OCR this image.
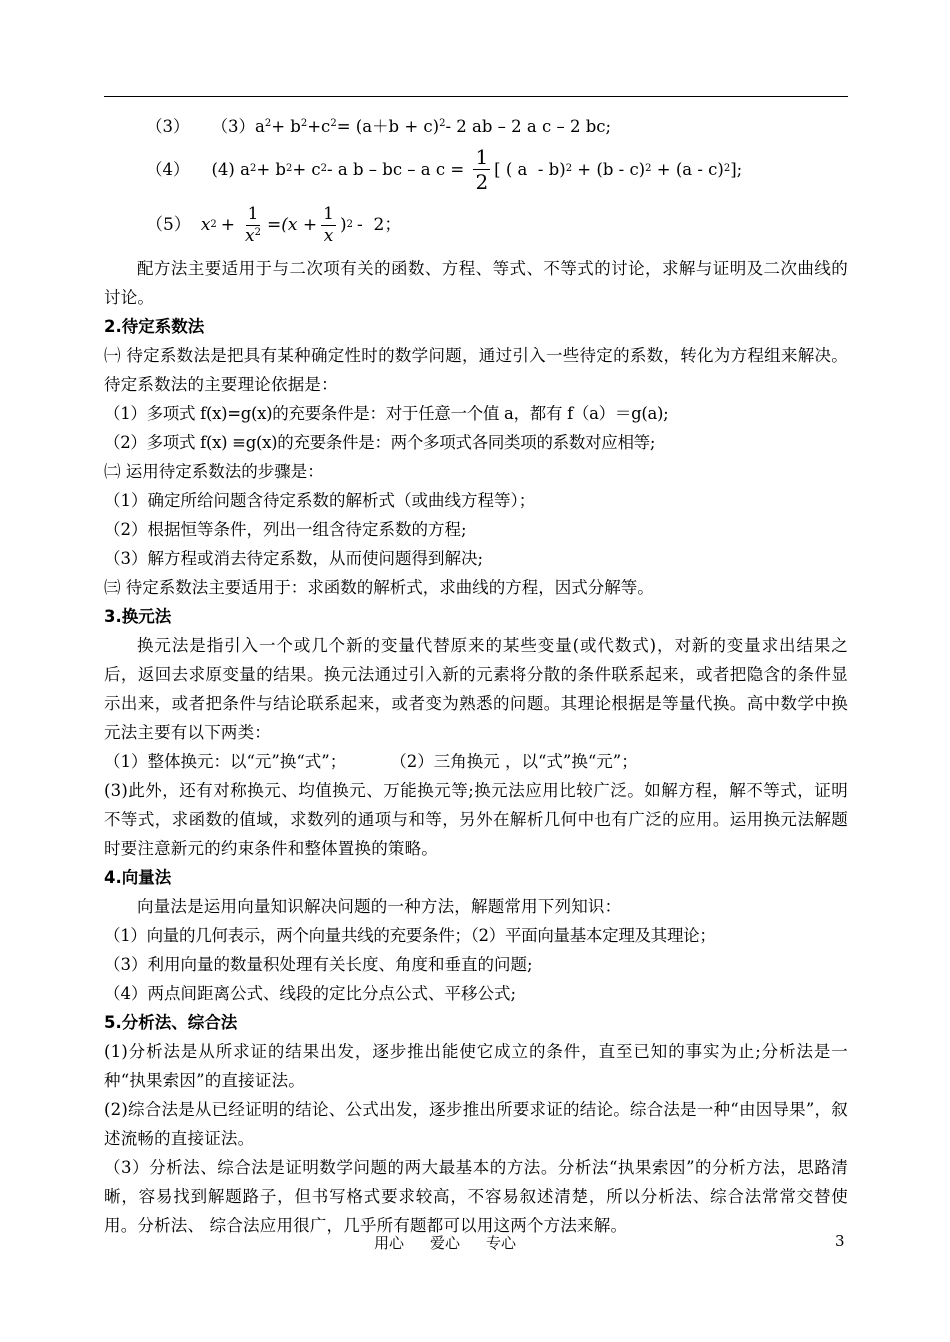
（3） $(3)a^2+ b^2+c^2= (a+b + c)^2-$ 2 ab – 2 a c – 2 bc;
（4） (4) a 2 + b 2 + c 2 - a b – bc – a $c = \frac{1}{2}$ [ ( a  - b) 2 + (b - c) 2 + (a - c) 2 ];
（5） x $2 + \frac{1}{x^2} =(x + \frac{1}{x}$ ) 2 -  2；
配方法主要适用于与二次项有关的函数、方程、等式、不等式的讨论，求解与证明及二次曲线的讨论。
2.待定系数法
㈠ 待定系数法是把具有某种确定性时的数学问题，通过引入一些待定的系数，转化为方程组来解决。待定系数法的主要理论依据是：
（1）多项式 f(x)=g(x)的充要条件是：对于任意一个值 a，都有 f（a）＝g(a);
（2）多项式 f(x) ≡g(x)的充要条件是：两个多项式各同类项的系数对应相等;
㈡ 运用待定系数法的步骤是：
（1）确定所给问题含待定系数的解析式（或曲线方程等）；
（2）根据恒等条件，列出一组含待定系数的方程;
（3）解方程或消去待定系数，从而使问题得到解决;
㈢ 待定系数法主要适用于：求函数的解析式，求曲线的方程，因式分解等。
3.换元法
换元法是指引入一个或几个新的变量代替原来的某些变量(或代数式)，对新的变量求出结果之后，返回去求原变量的结果。换元法通过引入新的元素将分散的条件联系起来，或者把隐含的条件显示出来，或者把条件与结论联系起来，或者变为熟悉的问题。其理论根据是等量代换。高中数学中换元法主要有以下两类：
（1）整体换元：以“元”换“式”；	（2）三角换元 ，以“式”换“元”；
(3)此外，还有对称换元、均值换元、万能换元等;换元法应用比较广泛。如解方程，解不等式，证明不等式，求函数的值域，求数列的通项与和等，另外在解析几何中也有广泛的应用。运用换元法解题时要注意新元的约束条件和整体置换的策略。
4.向量法
向量法是运用向量知识解决问题的一种方法，解题常用下列知识：
（1）向量的几何表示，两个向量共线的充要条件；（2）平面向量基本定理及其理论；
（3）利用向量的数量积处理有关长度、角度和垂直的问题;
（4）两点间距离公式、线段的定比分点公式、平移公式;
5.分析法、综合法
(1)分析法是从所求证的结果出发，逐步推出能使它成立的条件，直至已知的事实为止;分析法是一种“执果索因”的直接证法。
(2)综合法是从已经证明的结论、公式出发，逐步推出所要求证的结论。综合法是一种“由因导果”，叙述流畅的直接证法。
（3）分析法、综合法是证明数学问题的两大最基本的方法。分析法“执果索因”的分析方法，思路清晰，容易找到解题路子，但书写格式要求较高，不容易叙述清楚，所以分析法、综合法常常交替使用。分析法、 综合法应用很广，几乎所有题都可以用这两个方法来解。
用心 爱心 专心	3
